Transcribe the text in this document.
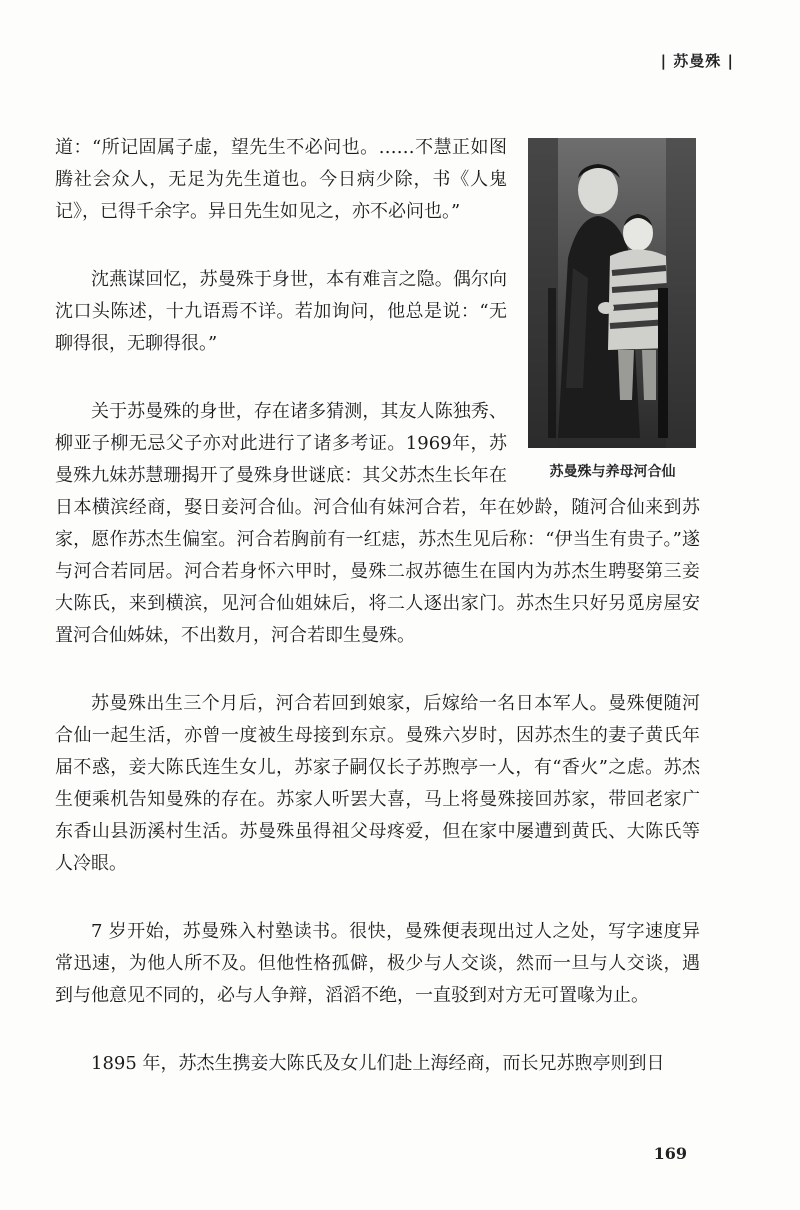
| 苏曼殊 |
苏曼殊与养母河合仙

道：“所记固属子虚，望先生不必问也。……不慧正如图腾社会众人，无足为先生道也。今日病少除，书《人鬼记》，已得千余字。异日先生如见之，亦不必问也。”

沈燕谋回忆，苏曼殊于身世，本有难言之隐。偶尔向沈口头陈述，十九语焉不详。若加询问，他总是说：“无聊得很，无聊得很。”

关于苏曼殊的身世，存在诸多猜测，其友人陈独秀、柳亚子柳无忌父子亦对此进行了诸多考证。1969年，苏曼殊九妹苏慧珊揭开了曼殊身世谜底：其父苏杰生长年在日本横滨经商，娶日妾河合仙。河合仙有妹河合若，年在妙龄，随河合仙来到苏家，愿作苏杰生偏室。河合若胸前有一红痣，苏杰生见后称：“伊当生有贵子。”遂与河合若同居。河合若身怀六甲时，曼殊二叔苏德生在国内为苏杰生聘娶第三妾大陈氏，来到横滨，见河合仙姐妹后，将二人逐出家门。苏杰生只好另觅房屋安置河合仙姊妹，不出数月，河合若即生曼殊。

苏曼殊出生三个月后，河合若回到娘家，后嫁给一名日本军人。曼殊便随河合仙一起生活，亦曾一度被生母接到东京。曼殊六岁时，因苏杰生的妻子黄氏年届不惑，妾大陈氏连生女儿，苏家子嗣仅长子苏煦亭一人，有“香火”之虑。苏杰生便乘机告知曼殊的存在。苏家人听罢大喜，马上将曼殊接回苏家，带回老家广东香山县沥溪村生活。苏曼殊虽得祖父母疼爱，但在家中屡遭到黄氏、大陈氏等人冷眼。

7 岁开始，苏曼殊入村塾读书。很快，曼殊便表现出过人之处，写字速度异常迅速，为他人所不及。但他性格孤僻，极少与人交谈，然而一旦与人交谈，遇到与他意见不同的，必与人争辩，滔滔不绝，一直驳到对方无可置喙为止。

1895 年，苏杰生携妾大陈氏及女儿们赴上海经商，而长兄苏煦亭则到日

169
